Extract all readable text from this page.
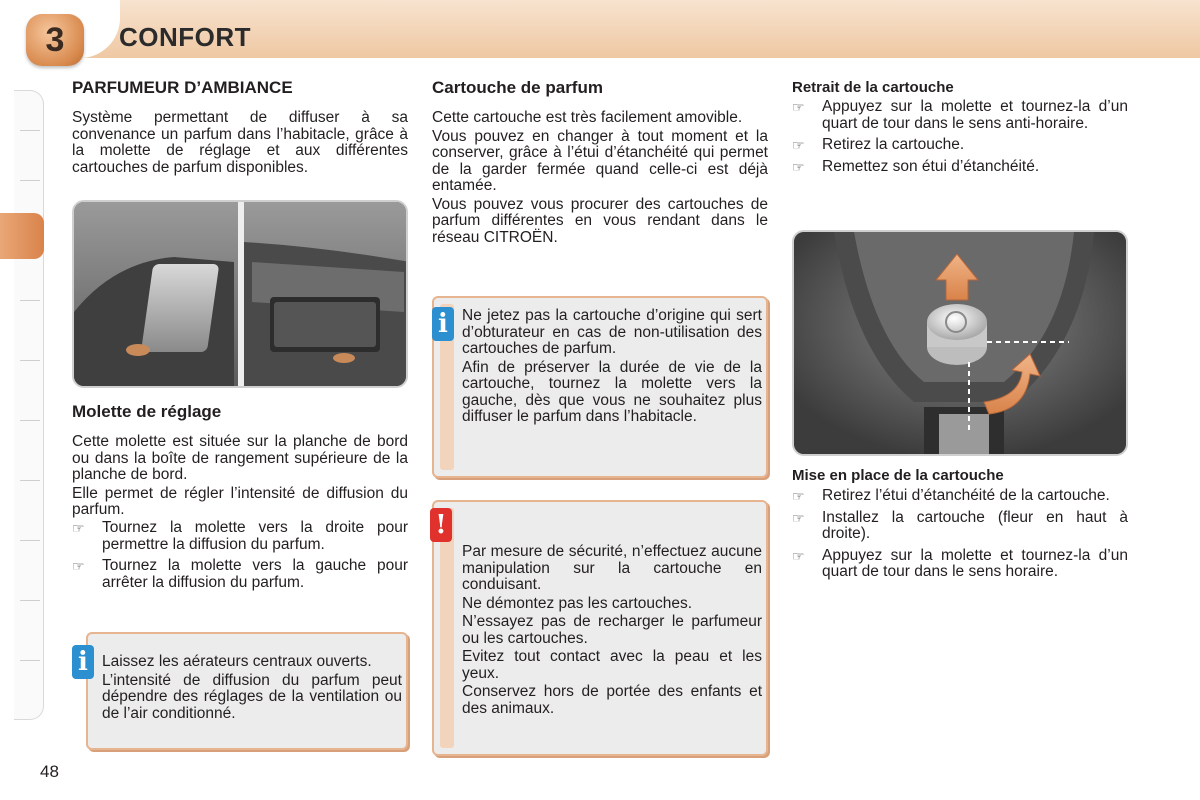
3 CONFORT
PARFUMEUR D’AMBIANCE

Système permettant de diffuser à sa convenance un parfum dans l’habitacle, grâce à la molette de réglage et aux différentes cartouches de parfum disponibles.

Molette de réglage

Cette molette est située sur la planche de bord ou dans la boîte de rangement supérieure de la planche de bord.

Elle permet de régler l’intensité de diffusion du parfum.

☞ Tournez la molette vers la droite pour permettre la diffusion du parfum.
☞ Tournez la molette vers la gauche pour arrêter la diffusion du parfum.

Laissez les aérateurs centraux ouverts.

L’intensité de diffusion du parfum peut dépendre des réglages de la ventilation ou de l’air conditionné.

i
Cartouche de parfum

Cette cartouche est très facilement amovible.

Vous pouvez en changer à tout moment et la conserver, grâce à l’étui d’étanchéité qui permet de la garder fermée quand celle-ci est déjà entamée.

Vous pouvez vous procurer des cartouches de parfum différentes en vous rendant dans le réseau CITROËN.

Ne jetez pas la cartouche d’origine qui sert d’obturateur en cas de non-utilisation des cartouches de parfum.

Afin de préserver la durée de vie de la cartouche, tournez la molette vers la gauche, dès que vous ne souhaitez plus diffuser le parfum dans l’habitacle.

i

Par mesure de sécurité, n’effectuez aucune manipulation sur la cartouche en conduisant.

Ne démontez pas les cartouches.

N’essayez pas de recharger le parfumeur ou les cartouches.

Evitez tout contact avec la peau et les yeux.

Conservez hors de portée des enfants et des animaux.

!
Retrait de la cartouche
☞ Appuyez sur la molette et tournez-la d’un quart de tour dans le sens anti-horaire.
☞ Retirez la cartouche.
☞ Remettez son étui d’étanchéité.
Mise en place de la cartouche
☞ Retirez l’étui d’étanchéité de la cartouche.
☞ Installez la cartouche (fleur en haut à droite).
☞ Appuyez sur la molette et tournez-la d’un quart de tour dans le sens horaire.
48
